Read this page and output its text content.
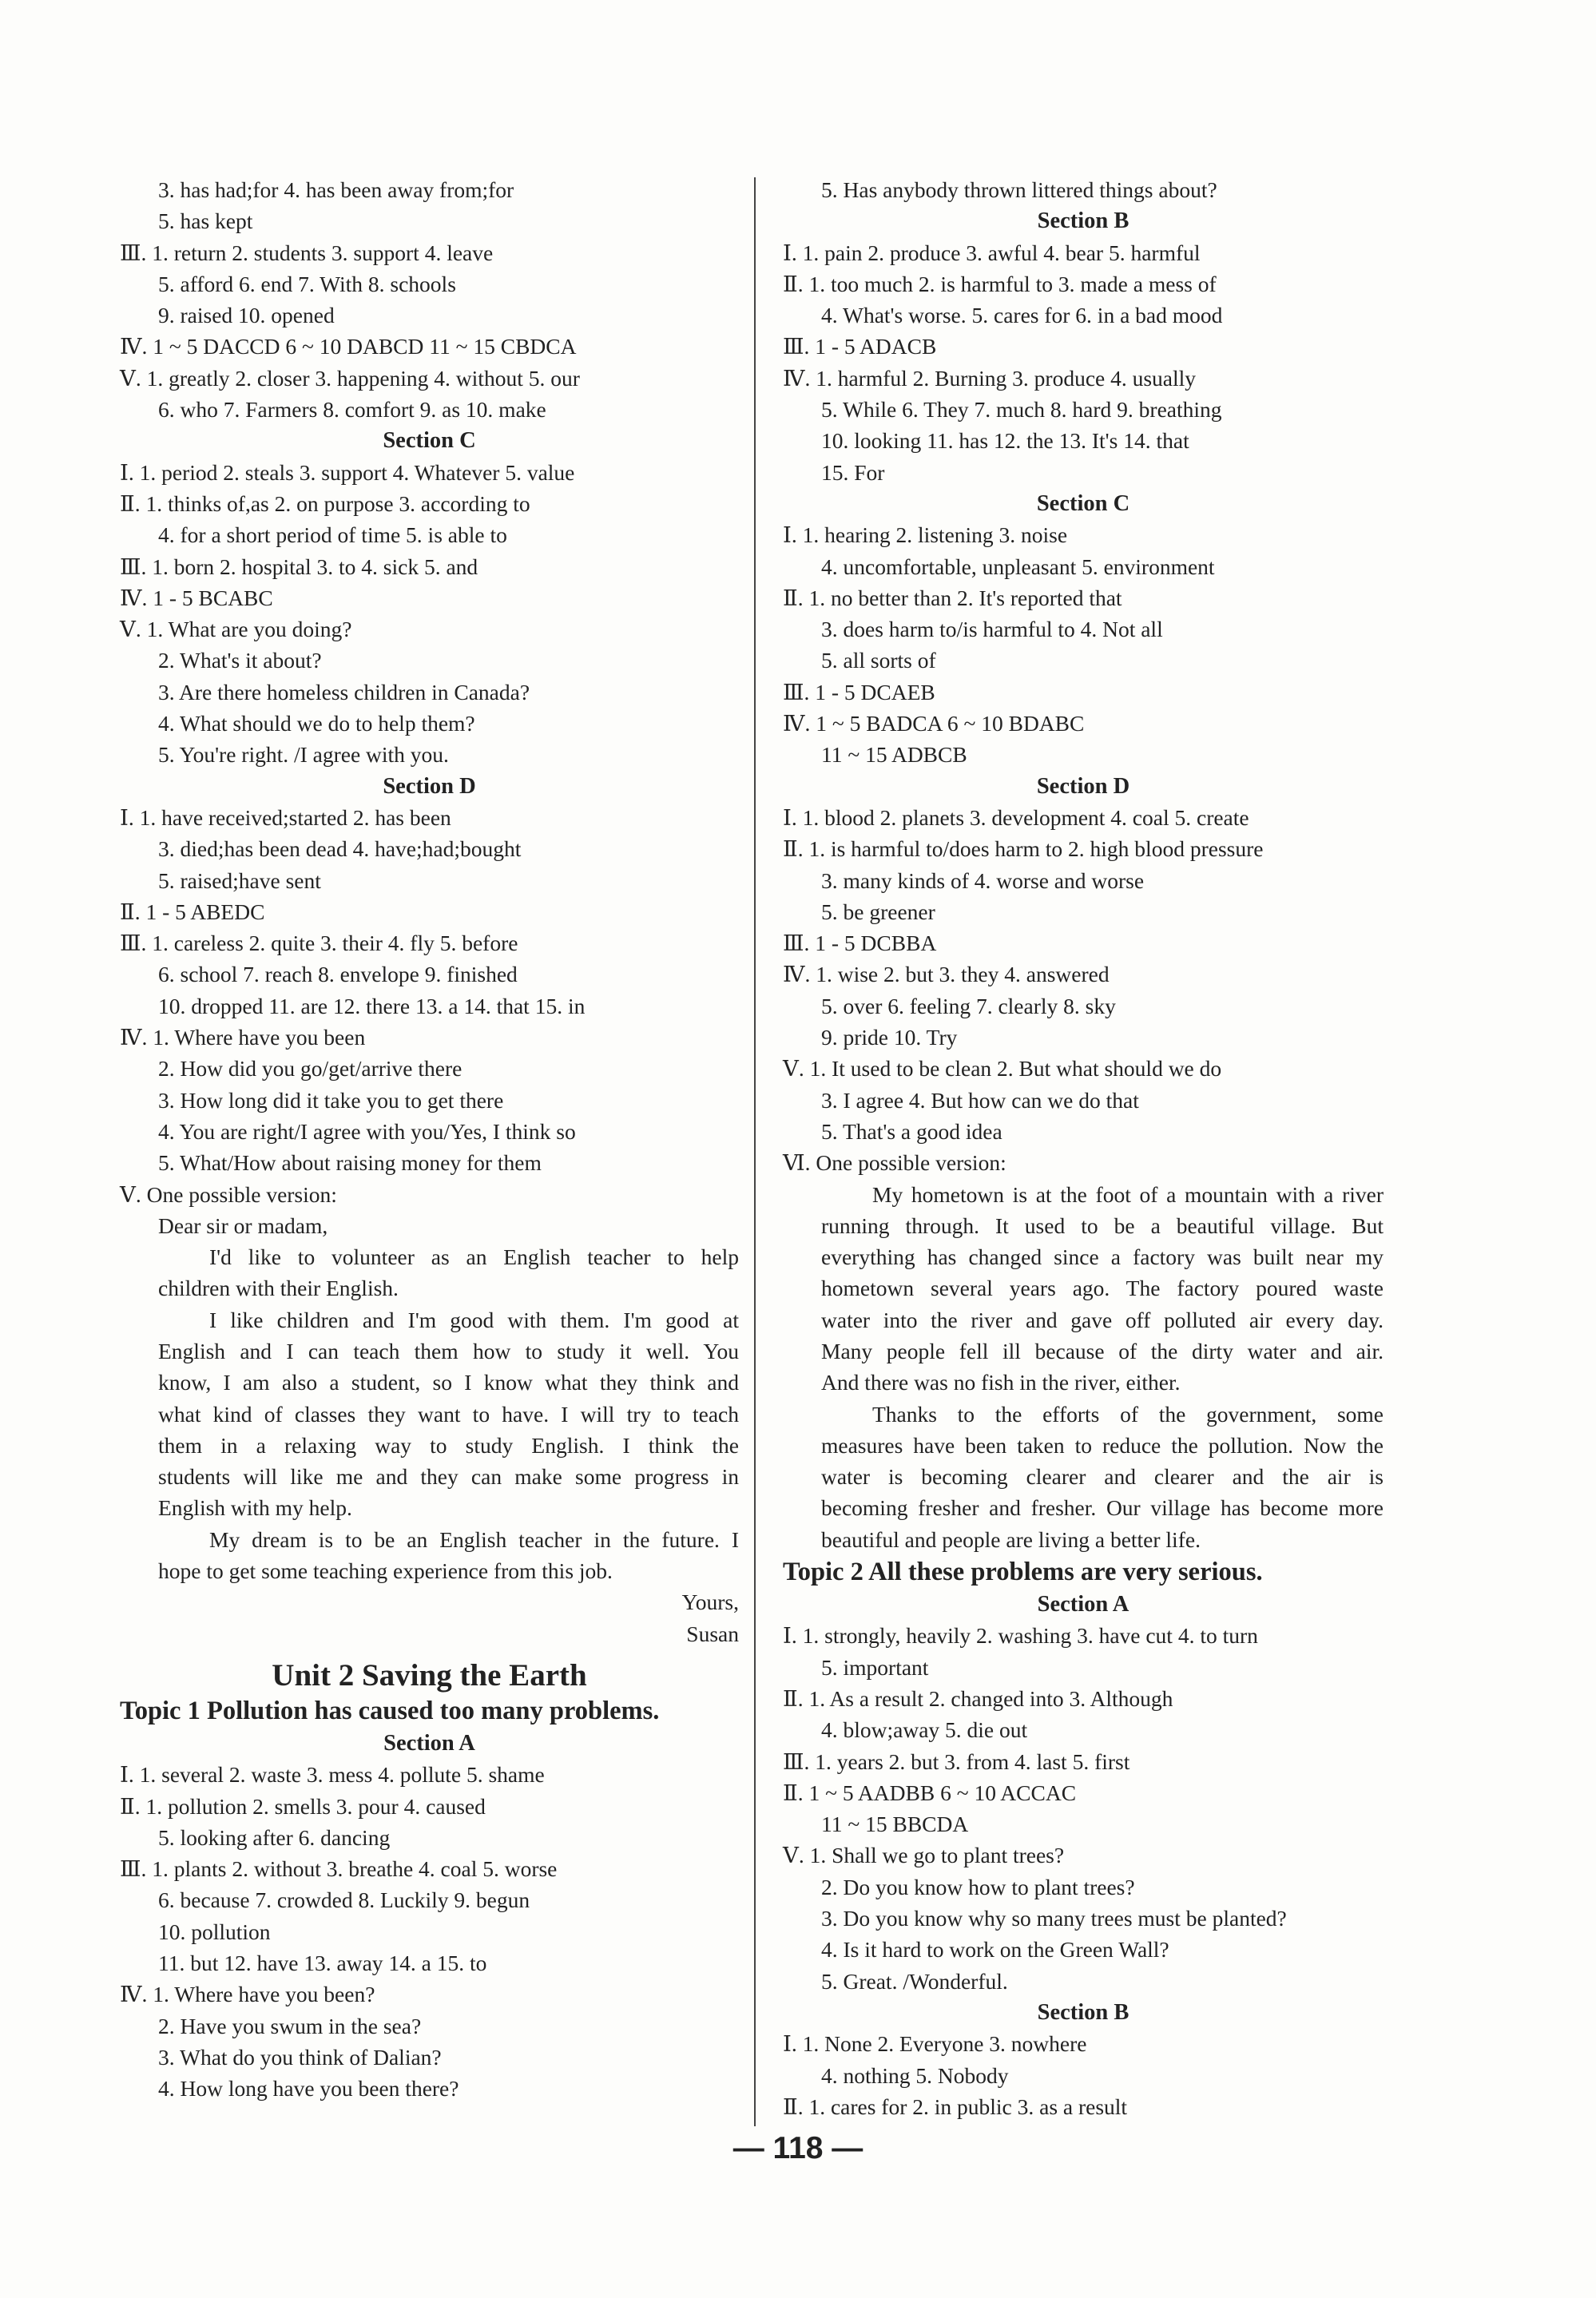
3. has had;for 4. has been away from;for
5. has kept
Ⅲ. 1. return 2. students 3. support 4. leave
5. afford 6. end 7. With 8. schools
9. raised 10. opened
Ⅳ. 1 ~ 5 DACCD 6 ~ 10 DABCD 11 ~ 15 CBDCA
Ⅴ. 1. greatly 2. closer 3. happening 4. without 5. our
6. who 7. Farmers 8. comfort 9. as 10. make
Section C
Ⅰ. 1. period 2. steals 3. support 4. Whatever 5. value
Ⅱ. 1. thinks of,as 2. on purpose 3. according to
4. for a short period of time 5. is able to
Ⅲ. 1. born 2. hospital 3. to 4. sick 5. and
Ⅳ. 1 - 5 BCABC
Ⅴ. 1. What are you doing?
2. What's it about?
3. Are there homeless children in Canada?
4. What should we do to help them?
5. You're right. /I agree with you.
Section D
Ⅰ. 1. have received;started 2. has been
3. died;has been dead 4. have;had;bought
5. raised;have sent
Ⅱ. 1 - 5 ABEDC
Ⅲ. 1. careless 2. quite 3. their 4. fly 5. before
6. school 7. reach 8. envelope 9. finished
10. dropped 11. are 12. there 13. a 14. that 15. in
Ⅳ. 1. Where have you been
2. How did you go/get/arrive there
3. How long did it take you to get there
4. You are right/I agree with you/Yes, I think so
5. What/How about raising money for them
Ⅴ. One possible version:
Dear sir or madam,
I'd like to volunteer as an English teacher to help
children with their English.
I like children and I'm good with them. I'm good at
English and I can teach them how to study it well. You
know, I am also a student, so I know what they think and
what kind of classes they want to have. I will try to teach
them in a relaxing way to study English. I think the
students will like me and they can make some progress in
English with my help.
My dream is to be an English teacher in the future. I
hope to get some teaching experience from this job.
Yours,
Susan
Unit 2 Saving the Earth
Topic 1 Pollution has caused too many problems.
Section A
Ⅰ. 1. several 2. waste 3. mess 4. pollute 5. shame
Ⅱ. 1. pollution 2. smells 3. pour 4. caused
5. looking after 6. dancing
Ⅲ. 1. plants 2. without 3. breathe 4. coal 5. worse
6. because 7. crowded 8. Luckily 9. begun
10. pollution
11. but 12. have 13. away 14. a 15. to
Ⅳ. 1. Where have you been?
2. Have you swum in the sea?
3. What do you think of Dalian?
4. How long have you been there?
5. Has anybody thrown littered things about?
Section B
Ⅰ. 1. pain 2. produce 3. awful 4. bear 5. harmful
Ⅱ. 1. too much 2. is harmful to 3. made a mess of
4. What's worse. 5. cares for 6. in a bad mood
Ⅲ. 1 - 5 ADACB
Ⅳ. 1. harmful 2. Burning 3. produce 4. usually
5. While 6. They 7. much 8. hard 9. breathing
10. looking 11. has 12. the 13. It's 14. that
15. For
Section C
Ⅰ. 1. hearing 2. listening 3. noise
4. uncomfortable, unpleasant 5. environment
Ⅱ. 1. no better than 2. It's reported that
3. does harm to/is harmful to 4. Not all
5. all sorts of
Ⅲ. 1 - 5 DCAEB
Ⅳ. 1 ~ 5 BADCA 6 ~ 10 BDABC
11 ~ 15 ADBCB
Section D
Ⅰ. 1. blood 2. planets 3. development 4. coal 5. create
Ⅱ. 1. is harmful to/does harm to 2. high blood pressure
3. many kinds of 4. worse and worse
5. be greener
Ⅲ. 1 - 5 DCBBA
Ⅳ. 1. wise 2. but 3. they 4. answered
5. over 6. feeling 7. clearly 8. sky
9. pride 10. Try
Ⅴ. 1. It used to be clean 2. But what should we do
3. I agree 4. But how can we do that
5. That's a good idea
Ⅵ. One possible version:
My hometown is at the foot of a mountain with a river
running through. It used to be a beautiful village. But
everything has changed since a factory was built near my
hometown several years ago. The factory poured waste
water into the river and gave off polluted air every day.
Many people fell ill because of the dirty water and air.
And there was no fish in the river, either.
Thanks to the efforts of the government, some
measures have been taken to reduce the pollution. Now the
water is becoming clearer and clearer and the air is
becoming fresher and fresher. Our village has become more
beautiful and people are living a better life.
Topic 2 All these problems are very serious.
Section A
Ⅰ. 1. strongly, heavily 2. washing 3. have cut 4. to turn
5. important
Ⅱ. 1. As a result 2. changed into 3. Although
4. blow;away 5. die out
Ⅲ. 1. years 2. but 3. from 4. last 5. first
Ⅱ. 1 ~ 5 AADBB 6 ~ 10 ACCAC
11 ~ 15 BBCDA
Ⅴ. 1. Shall we go to plant trees?
2. Do you know how to plant trees?
3. Do you know why so many trees must be planted?
4. Is it hard to work on the Green Wall?
5. Great. /Wonderful.
Section B
Ⅰ. 1. None 2. Everyone 3. nowhere
4. nothing 5. Nobody
Ⅱ. 1. cares for 2. in public 3. as a result
— 118 —
